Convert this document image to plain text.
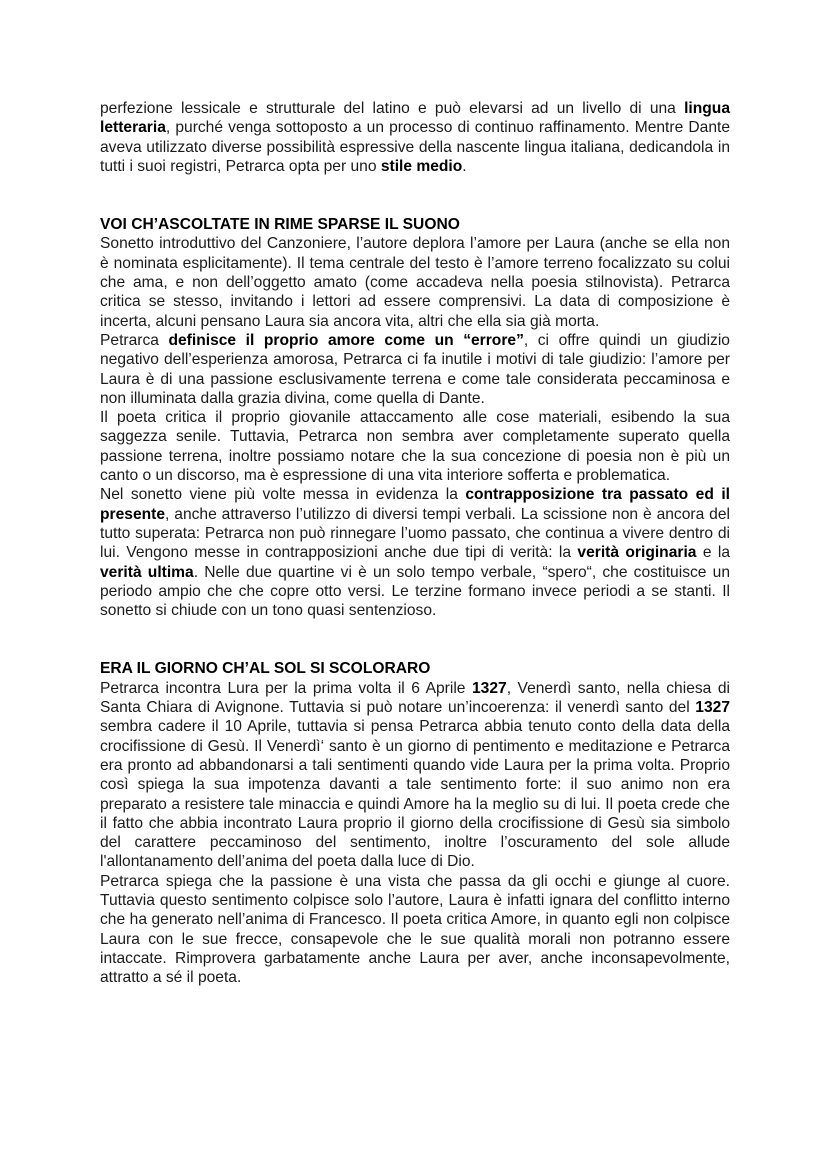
perfezione lessicale e strutturale del latino e può elevarsi ad un livello di una lingua letteraria, purché venga sottoposto a un processo di continuo raffinamento. Mentre Dante aveva utilizzato diverse possibilità espressive della nascente lingua italiana, dedicandola in tutti i suoi registri, Petrarca opta per uno stile medio.

VOI CH’ASCOLTATE IN RIME SPARSE IL SUONO

Sonetto introduttivo del Canzoniere, l’autore deplora l’amore per Laura (anche se ella non è nominata esplicitamente). Il tema centrale del testo è l’amore terreno focalizzato su colui che ama, e non dell’oggetto amato (come accadeva nella poesia stilnovista). Petrarca critica se stesso, invitando i lettori ad essere comprensivi. La data di composizione è incerta, alcuni pensano Laura sia ancora vita, altri che ella sia già morta.

Petrarca definisce il proprio amore come un “errore”, ci offre quindi un giudizio negativo dell’esperienza amorosa, Petrarca ci fa inutile i motivi di tale giudizio: l’amore per Laura è di una passione esclusivamente terrena e come tale considerata peccaminosa e non illuminata dalla grazia divina, come quella di Dante.

Il poeta critica il proprio giovanile attaccamento alle cose materiali, esibendo la sua saggezza senile. Tuttavia, Petrarca non sembra aver completamente superato quella passione terrena, inoltre possiamo notare che la sua concezione di poesia non è più un canto o un discorso, ma è espressione di una vita interiore sofferta e problematica.

Nel sonetto viene più volte messa in evidenza la contrapposizione tra passato ed il presente, anche attraverso l’utilizzo di diversi tempi verbali. La scissione non è ancora del tutto superata: Petrarca non può rinnegare l’uomo passato, che continua a vivere dentro di lui. Vengono messe in contrapposizioni anche due tipi di verità: la verità originaria e la verità ultima. Nelle due quartine vi è un solo tempo verbale, “spero“, che costituisce un periodo ampio che che copre otto versi. Le terzine formano invece periodi a se stanti. Il sonetto si chiude con un tono quasi sentenzioso.

ERA IL GIORNO CH’AL SOL SI SCOLORARO

Petrarca incontra Lura per la prima volta il 6 Aprile 1327, Venerdì santo, nella chiesa di Santa Chiara di Avignone. Tuttavia si può notare un’incoerenza: il venerdì santo del 1327 sembra cadere il 10 Aprile, tuttavia si pensa Petrarca abbia tenuto conto della data della crocifissione di Gesù. Il Venerdì‘ santo è un giorno di pentimento e meditazione e Petrarca era pronto ad abbandonarsi a tali sentimenti quando vide Laura per la prima volta. Proprio così spiega la sua impotenza davanti a tale sentimento forte: il suo animo non era preparato a resistere tale minaccia e quindi Amore ha la meglio su di lui. Il poeta crede che il fatto che abbia incontrato Laura proprio il giorno della crocifissione di Gesù sia simbolo del carattere peccaminoso del sentimento, inoltre l’oscuramento del sole allude l'allontanamento dell’anima del poeta dalla luce di Dio.

Petrarca spiega che la passione è una vista che passa da gli occhi e giunge al cuore. Tuttavia questo sentimento colpisce solo l’autore, Laura è infatti ignara del conflitto interno che ha generato nell’anima di Francesco. Il poeta critica Amore, in quanto egli non colpisce Laura con le sue frecce, consapevole che le sue qualità morali non potranno essere intaccate. Rimprovera garbatamente anche Laura per aver, anche inconsapevolmente, attratto a sé il poeta.
